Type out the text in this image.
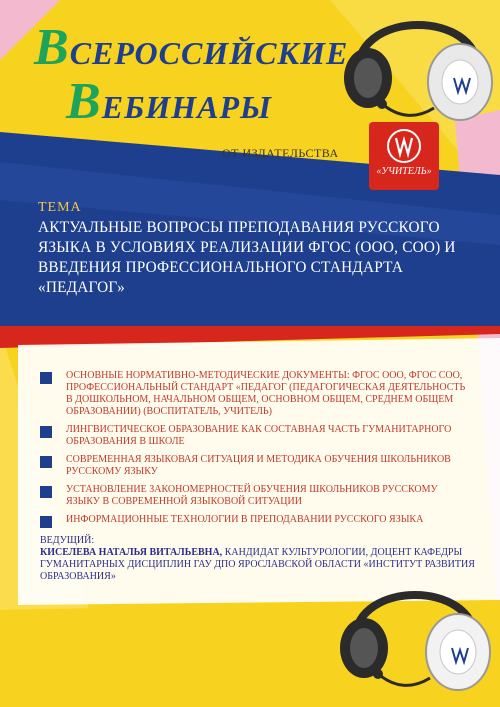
ВСЕРОССИЙСКИЕ
ВЕБИНАРЫ
ОТ ИЗДАТЕЛЬСТВА
«УЧИТЕЛЬ»
ТЕМА
АКТУАЛЬНЫЕ ВОПРОСЫ ПРЕПОДАВАНИЯ РУССКОГО ЯЗЫКА В УСЛОВИЯХ РЕАЛИЗАЦИИ ФГОС (ООО, СОО) И ВВЕДЕНИЯ ПРОФЕССИОНАЛЬНОГО СТАНДАРТА «ПЕДАГОГ»
ОСНОВНЫЕ НОРМАТИВНО-МЕТОДИЧЕСКИЕ ДОКУМЕНТЫ: ФГОС ООО, ФГОС СОО, ПРОФЕССИОНАЛЬНЫЙ СТАНДАРТ «ПЕДАГОГ (ПЕДАГОГИЧЕСКАЯ ДЕЯТЕЛЬНОСТЬ В ДОШКОЛЬНОМ, НАЧАЛЬНОМ ОБЩЕМ, ОСНОВНОМ ОБЩЕМ, СРЕДНЕМ ОБЩЕМ ОБРАЗОВАНИИ) (ВОСПИТАТЕЛЬ, УЧИТЕЛЬ)
ЛИНГВИСТИЧЕСКОЕ ОБРАЗОВАНИЕ КАК СОСТАВНАЯ ЧАСТЬ ГУМАНИТАРНОГО ОБРАЗОВАНИЯ В ШКОЛЕ
СОВРЕМЕННАЯ ЯЗЫКОВАЯ СИТУАЦИЯ И МЕТОДИКА ОБУЧЕНИЯ ШКОЛЬНИКОВ РУССКОМУ ЯЗЫКУ
УСТАНОВЛЕНИЕ ЗАКОНОМЕРНОСТЕЙ ОБУЧЕНИЯ ШКОЛЬНИКОВ РУССКОМУ ЯЗЫКУ В СОВРЕМЕННОЙ ЯЗЫКОВОЙ СИТУАЦИИ
ИНФОРМАЦИОННЫЕ ТЕХНОЛОГИИ В ПРЕПОДАВАНИИ РУССКОГО ЯЗЫКА
ВЕДУЩИЙ:
КИСЕЛЕВА НАТАЛЬЯ ВИТАЛЬЕВНА, КАНДИДАТ КУЛЬТУРОЛОГИИ, ДОЦЕНТ КАФЕДРЫ ГУМАНИТАРНЫХ ДИСЦИПЛИН ГАУ ДПО ЯРОСЛАВСКОЙ ОБЛАСТИ «ИНСТИТУТ РАЗВИТИЯ ОБРАЗОВАНИЯ»
